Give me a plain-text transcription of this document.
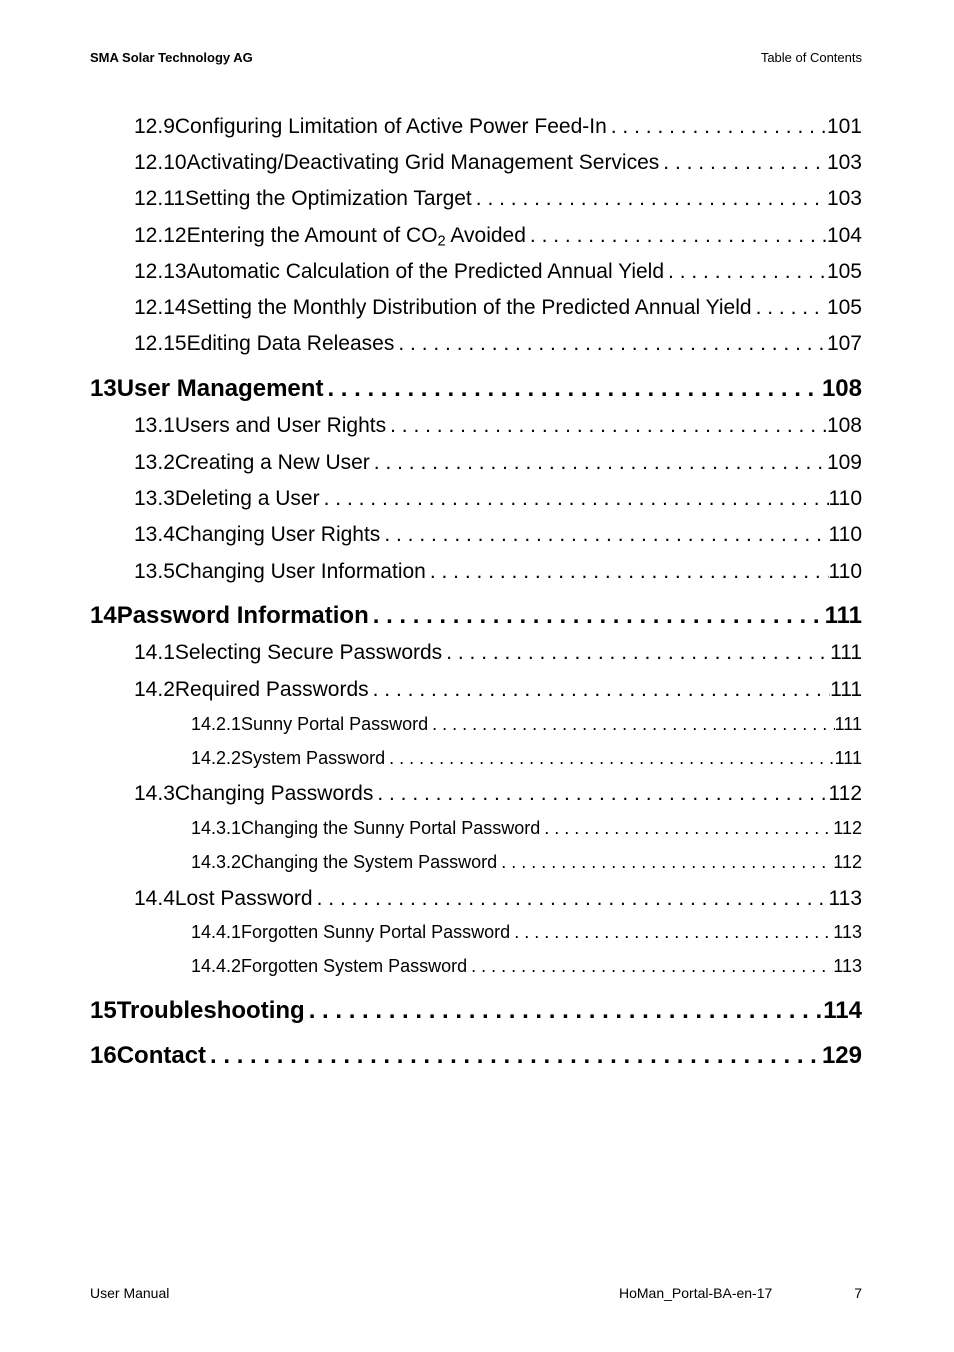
SMA Solar Technology AG	Table of Contents
12.9 Configuring Limitation of Active Power Feed-In . . .	101
12.10 Activating/Deactivating Grid Management Services . . .	103
12.11 Setting the Optimization Target . . .	103
12.12 Entering the Amount of $CO_2$ Avoided . . .	104
12.13 Automatic Calculation of the Predicted Annual Yield . . .	105
12.14 Setting the Monthly Distribution of the Predicted Annual Yield . . .	105
12.15 Editing Data Releases . . .	107
13 User Management . . .	108
13.1 Users and User Rights . . .	108
13.2 Creating a New User . . .	109
13.3 Deleting a User . . .	110
13.4 Changing User Rights . . .	110
13.5 Changing User Information . . .	110
14 Password Information . . .	111
14.1 Selecting Secure Passwords . . .	111
14.2 Required Passwords . . .	111
14.2.1 Sunny Portal Password . . .	111
14.2.2 System Password . . .	111
14.3 Changing Passwords . . .	112
14.3.1 Changing the Sunny Portal Password . . .	112
14.3.2 Changing the System Password . . .	112
14.4 Lost Password . . .	113
14.4.1 Forgotten Sunny Portal Password . . .	113
14.4.2 Forgotten System Password . . .	113
15 Troubleshooting . . .	114
16 Contact . . .	129
User Manual	HoMan_Portal-BA-en-17	7
